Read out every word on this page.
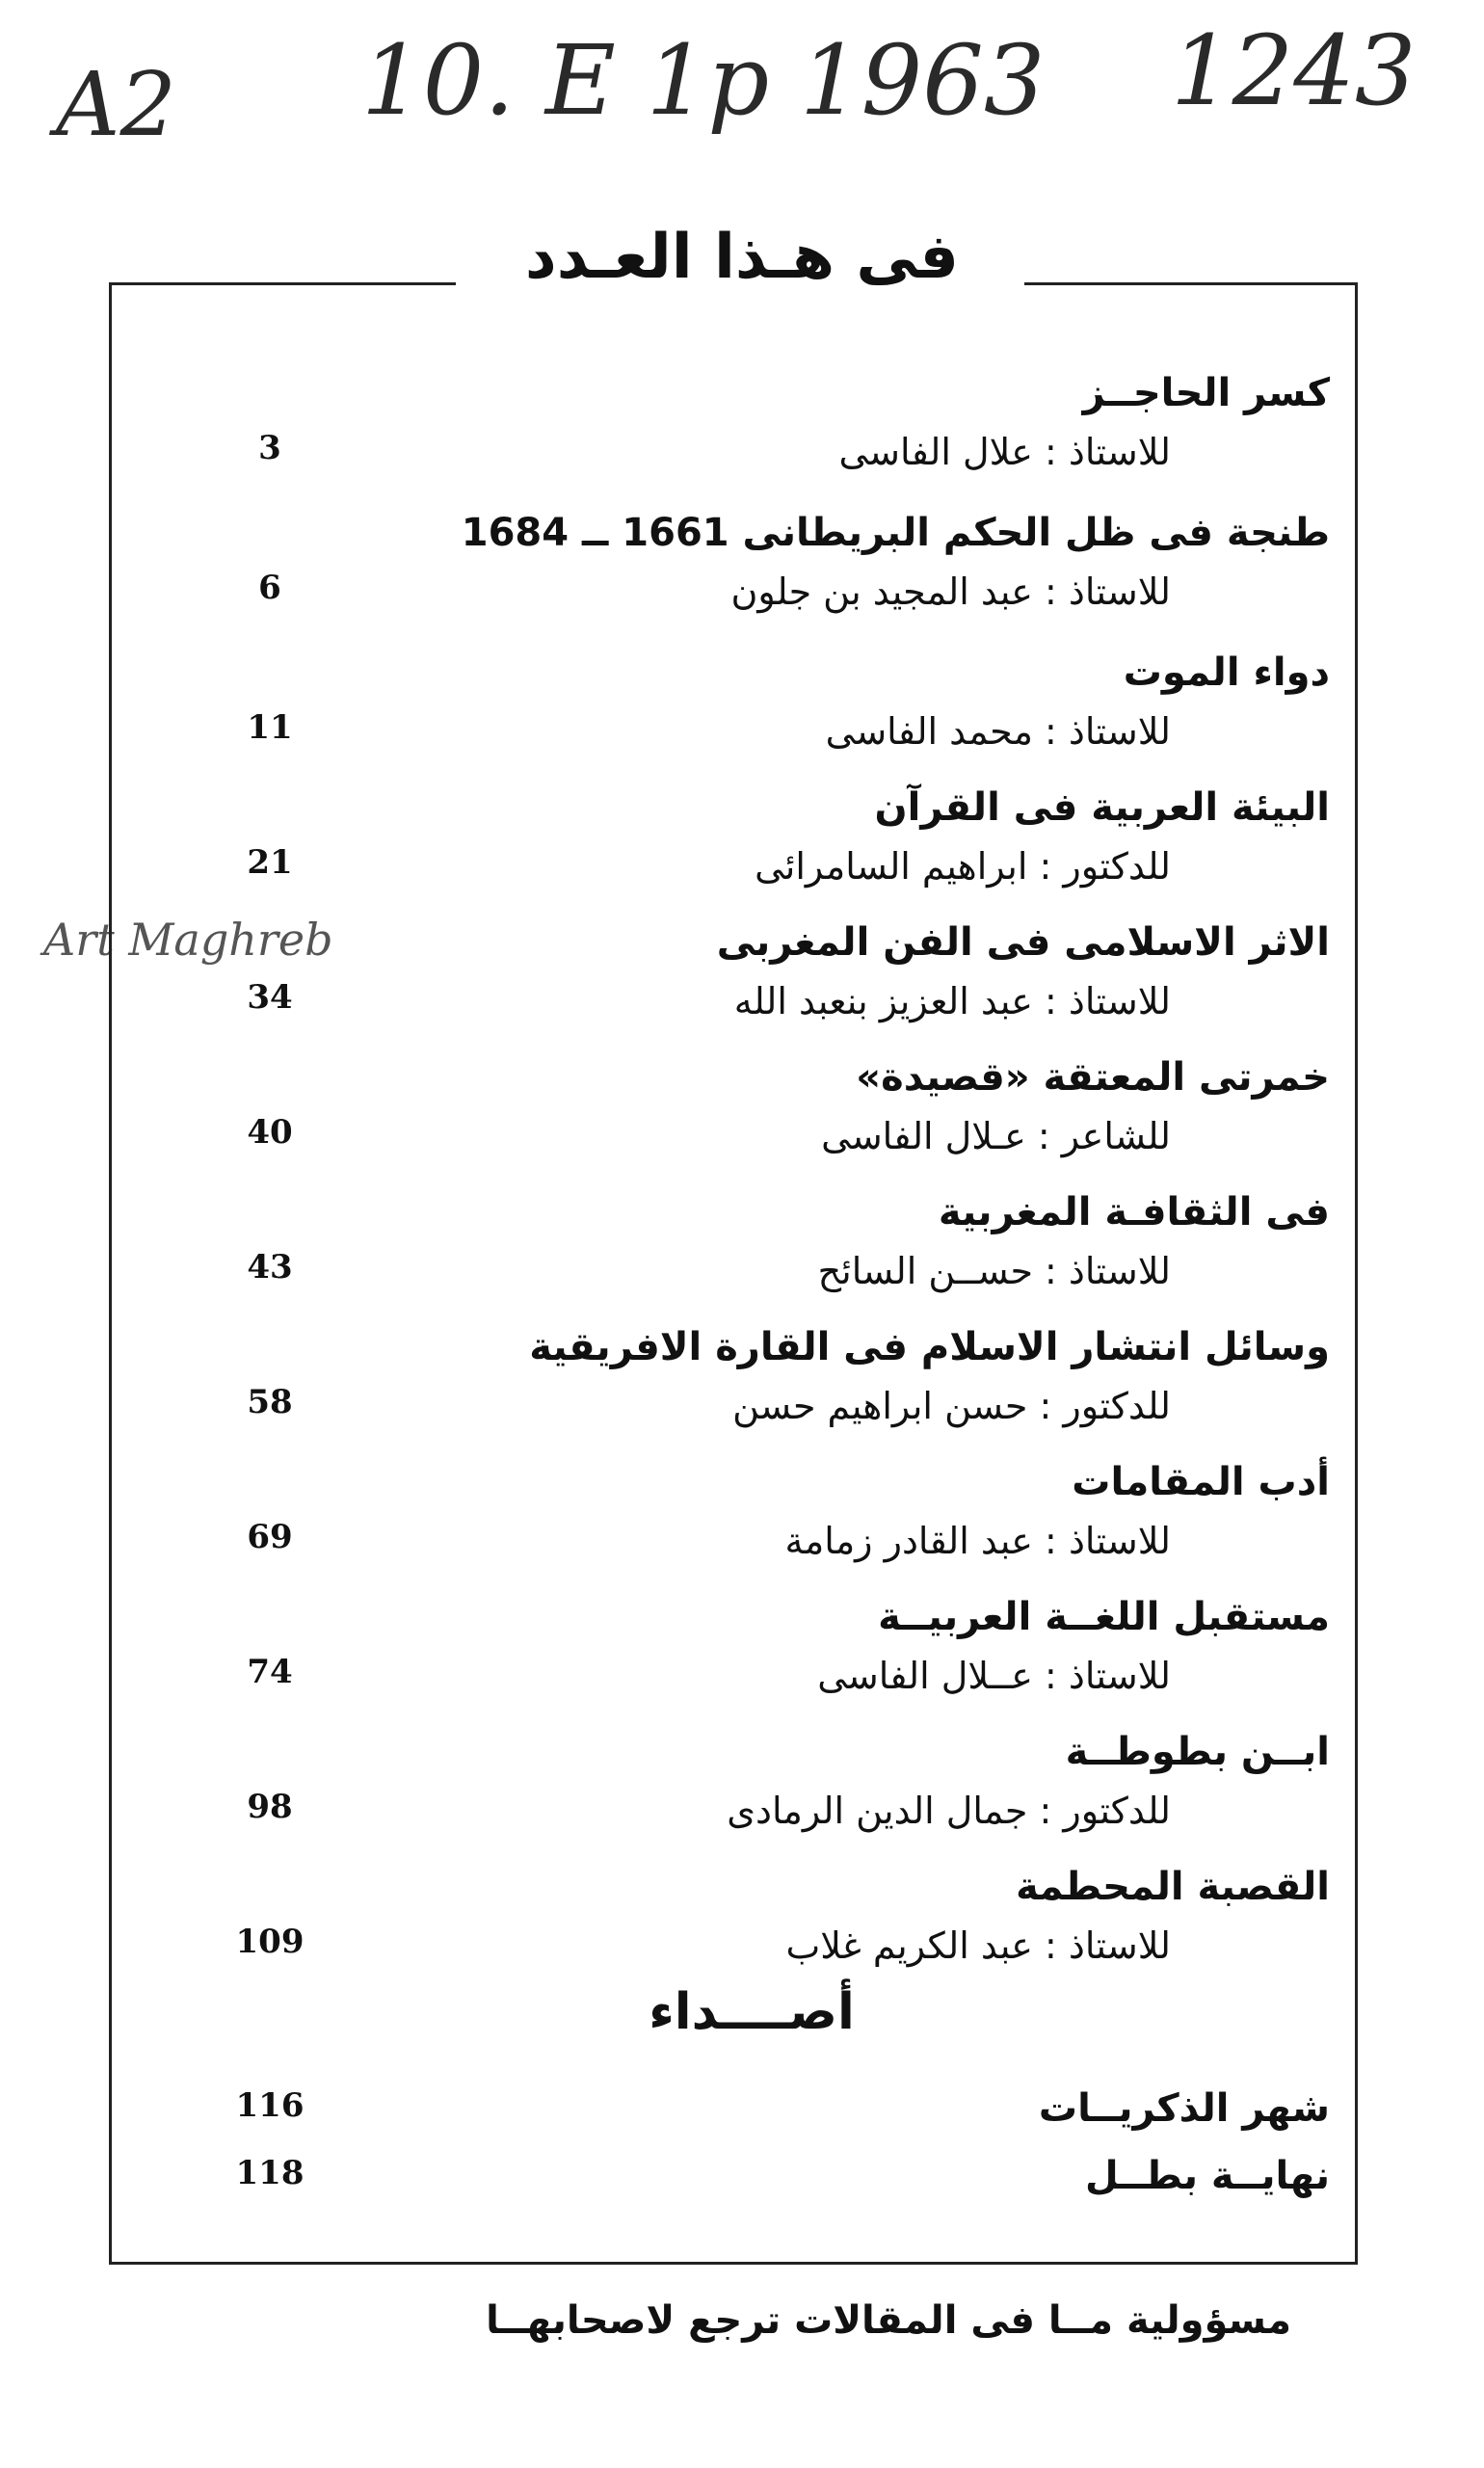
A2 10. E 1p 1963 1243
Art Maghreb
فى هـذا العـدد
كسر الحاجــز
للاستاذ : علال الفاسى
3
طنجة فى ظل الحكم البريطانى 1661 ــ 1684
للاستاذ : عبد المجيد بن جلون
6
دواء الموت
للاستاذ : محمد الفاسى
11
البيئة العربية فى القرآن
للدكتور : ابراهيم السامرائى
21
الاثر الاسلامى فى الفن المغربى
للاستاذ : عبد العزيز بنعبد الله
34
خمرتى المعتقة «قصيدة»
للشاعر : عـلال الفاسى
40
فى الثقافـة المغربية
للاستاذ : حســن السائح
43
وسائل انتشار الاسلام فى القارة الافريقية
للدكتور : حسن ابراهيم حسن
58
أدب المقامات
للاستاذ : عبد القادر زمامة
69
مستقبل اللغــة العربيــة
للاستاذ : عــلال الفاسى
74
ابــن بطوطــة
للدكتور : جمال الدين الرمادى
98
القصبة المحطمة
للاستاذ : عبد الكريم غلاب
109
أصــــداء
شهر الذكريــات
116
نهايــة بطــل
118
مسؤولية مــا فى المقالات ترجع لاصحابهــا
